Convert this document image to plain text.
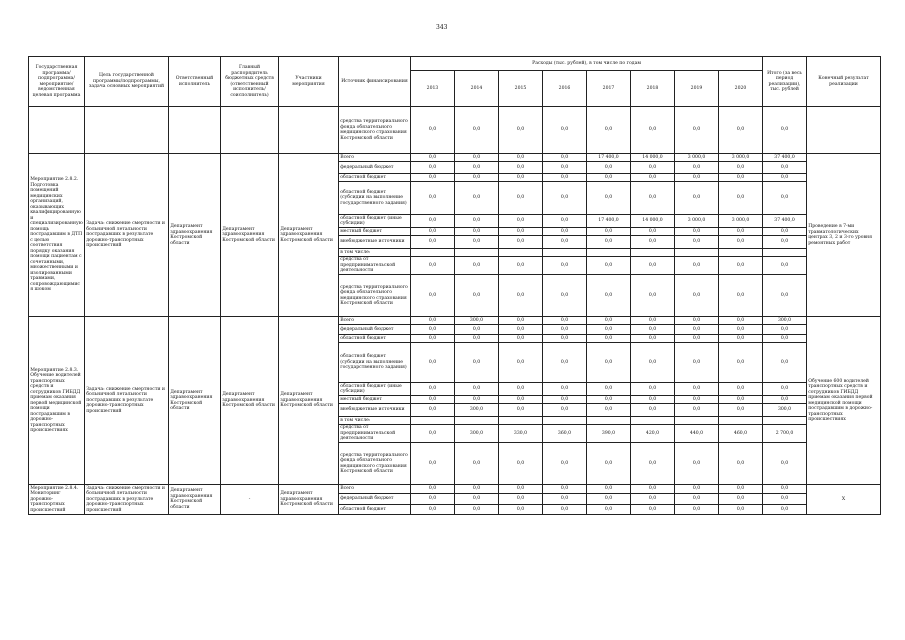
343
Государственная программа/подпрограмма/ мероприятие/ ведомственная целевая программа	Цель государственной программы/подпрограммы, задача основных мероприятий	Ответственный исполнитель	Главный распорядитель бюджетных средств (ответственный исполнитель/ соисполнитель)	Участники мероприятия	Источник финансирования	Расходы (тыс. рублей), в том числе по годам								Итого (за весь период реализации), тыс. рублей	Конечный результат реализации
						2013	2014	2015	2016	2017	2018	2019	2020		
					средства территориального фонда обязательного медицинского страхования Костромской области	0,0	0,0	0,0	0,0	0,0	0,0	0,0	0,0	0,0	
Мероприятие 2.8.2. Подготовка помещений медицинских организаций, оказывающих квалифицированную и специализированную помощь пострадавшим в ДТП с целью соответствия порядку оказания помощи пациентам с сочетанными, множественными и изолированными травмами, сопровождающимися шоком	Задача: снижение смертности и больничной летальности пострадавших в результате дорожно-транспортных происшествий	Департамент здравоохранения Костромской области	Департамент здравоохранения Костромской области	Департамент здравоохранения Костромской области	Всего	0,0	0,0	0,0	0,0	17 400,0	14 000,0	3 000,0	3 000,0	37 400,0	Проведение в 7-ми травматологических центрах 3, 2 и 3-го уровня ремонтных работ
					федеральный бюджет	0,0	0,0	0,0	0,0	0,0	0,0	0,0	0,0	0,0	
					областной бюджет	0,0	0,0	0,0	0,0	0,0	0,0	0,0	0,0	0,0	
					областной бюджет (субсидии на выполнение государственного задания)	0,0	0,0	0,0	0,0	0,0	0,0	0,0	0,0	0,0	
					областной бюджет (иные субсидии)	0,0	0,0	0,0	0,0	17 400,0	14 000,0	3 000,0	3 000,0	37 400,0	
					местный бюджет	0,0	0,0	0,0	0,0	0,0	0,0	0,0	0,0	0,0	
					внебюджетные источники	0,0	0,0	0,0	0,0	0,0	0,0	0,0	0,0	0,0	
					в том числе:										
					средства от предпринимательской деятельности	0,0	0,0	0,0	0,0	0,0	0,0	0,0	0,0	0,0	
					средства территориального фонда обязательного медицинского страхования Костромской области	0,0	0,0	0,0	0,0	0,0	0,0	0,0	0,0	0,0	
Мероприятие 2.8.3. Обучение водителей транспортных средств и сотрудников ГИБДД приемам оказания первой медицинской помощи пострадавшим в дорожно-транспортных происшествиях	Задача: снижение смертности и больничной летальности пострадавших в результате дорожно-транспортных происшествий	Департамент здравоохранения Костромской области	Департамент здравоохранения Костромской области	Департамент здравоохранения Костромской области	Всего	0,0	300,0	0,0	0,0	0,0	0,0	0,0	0,0	300,0	Обучение 600 водителей транспортных средств и сотрудников ГИБДД приемам оказания первой медицинской помощи пострадавшим в дорожно-транспортных происшествиях
					федеральный бюджет	0,0	0,0	0,0	0,0	0,0	0,0	0,0	0,0	0,0	
					областной бюджет	0,0	0,0	0,0	0,0	0,0	0,0	0,0	0,0	0,0	
					областной бюджет (субсидии на выполнение государственного задания)	0,0	0,0	0,0	0,0	0,0	0,0	0,0	0,0	0,0	
					областной бюджет (иные субсидии)	0,0	0,0	0,0	0,0	0,0	0,0	0,0	0,0	0,0	
					местный бюджет	0,0	0,0	0,0	0,0	0,0	0,0	0,0	0,0	0,0	
					внебюджетные источники	0,0	300,0	0,0	0,0	0,0	0,0	0,0	0,0	300,0	
					в том числе:										
					средства от предпринимательской деятельности	0,0	300,0	330,0	360,0	390,0	420,0	440,0	460,0	2 700,0	
					средства территориального фонда обязательного медицинского страхования Костромской области	0,0	0,0	0,0	0,0	0,0	0,0	0,0	0,0	0,0	
Мероприятие 2.8.4. Мониторинг дорожно-транспортных происшествий	Задача: снижение смертности и больничной летальности пострадавших в результате дорожно-транспортных происшествий	Департамент здравоохранения Костромской области	-	Департамент здравоохранения Костромской области	Всего	0,0	0,0	0,0	0,0	0,0	0,0	0,0	0,0	0,0	Х
					федеральный бюджет	0,0	0,0	0,0	0,0	0,0	0,0	0,0	0,0	0,0	
					областной бюджет	0,0	0,0	0,0	0,0	0,0	0,0	0,0	0,0	0,0	
